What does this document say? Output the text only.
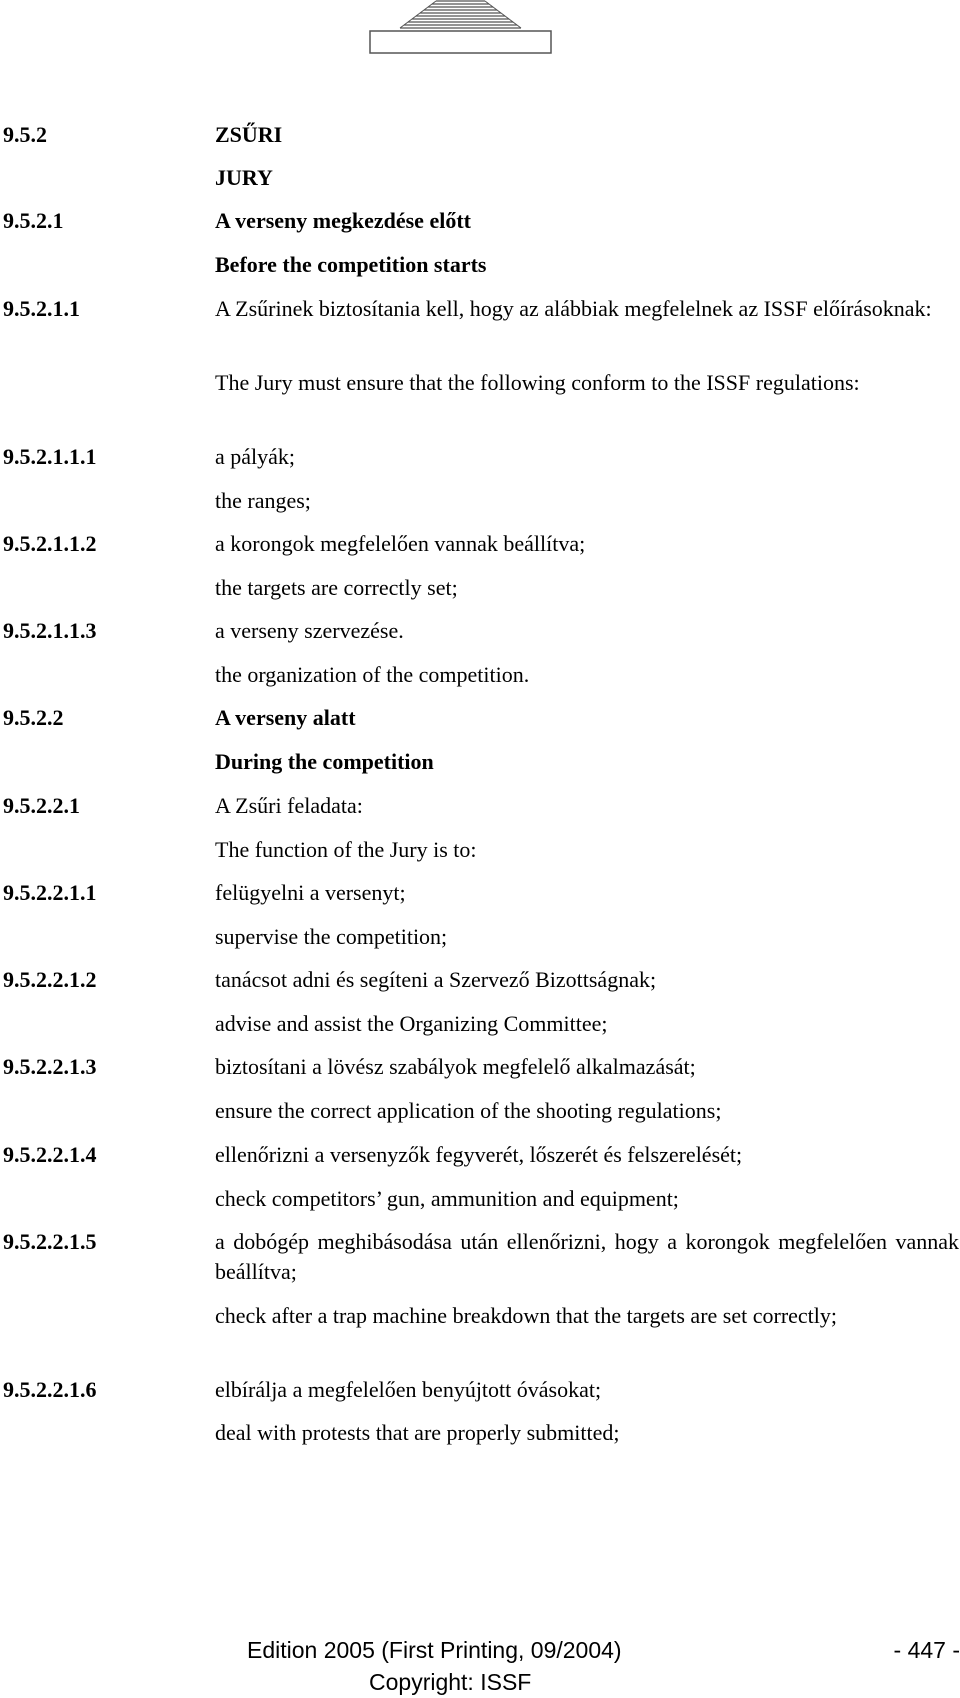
9.5.2	ZSŰRI
JURY
9.5.2.1	A verseny megkezdése előtt
Before the competition starts
9.5.2.1.1	A Zsűrinek biztosítania kell, hogy az alábbiak megfelelnek az ISSF előírásoknak:
The Jury must ensure that the following conform to the ISSF regulations:
9.5.2.1.1.1	a pályák;
the ranges;
9.5.2.1.1.2	a korongok megfelelően vannak beállítva;
the targets are correctly set;
9.5.2.1.1.3	a verseny szervezése.
the organization of the competition.
9.5.2.2	A verseny alatt
During the competition
9.5.2.2.1	A Zsűri feladata:
The function of the Jury is to:
9.5.2.2.1.1	felügyelni a versenyt;
supervise the competition;
9.5.2.2.1.2	tanácsot adni és segíteni a Szervező Bizottságnak;
advise and assist the Organizing Committee;
9.5.2.2.1.3	biztosítani a lövész szabályok megfelelő alkalmazását;
ensure the correct application of the shooting regulations;
9.5.2.2.1.4	ellenőrizni a versenyzők fegyverét, lőszerét és felszerelését;
check competitors’ gun, ammunition and equipment;
9.5.2.2.1.5	a dobógép meghibásodása után ellenőrizni, hogy a korongok megfelelően vannak beállítva;
check after a trap machine breakdown that the targets are set correctly;
9.5.2.2.1.6	elbírálja a megfelelően benyújtott óvásokat;
deal with protests that are properly submitted;
Edition 2005 (First Printing, 09/2004)	- 447 -
Copyright: ISSF
